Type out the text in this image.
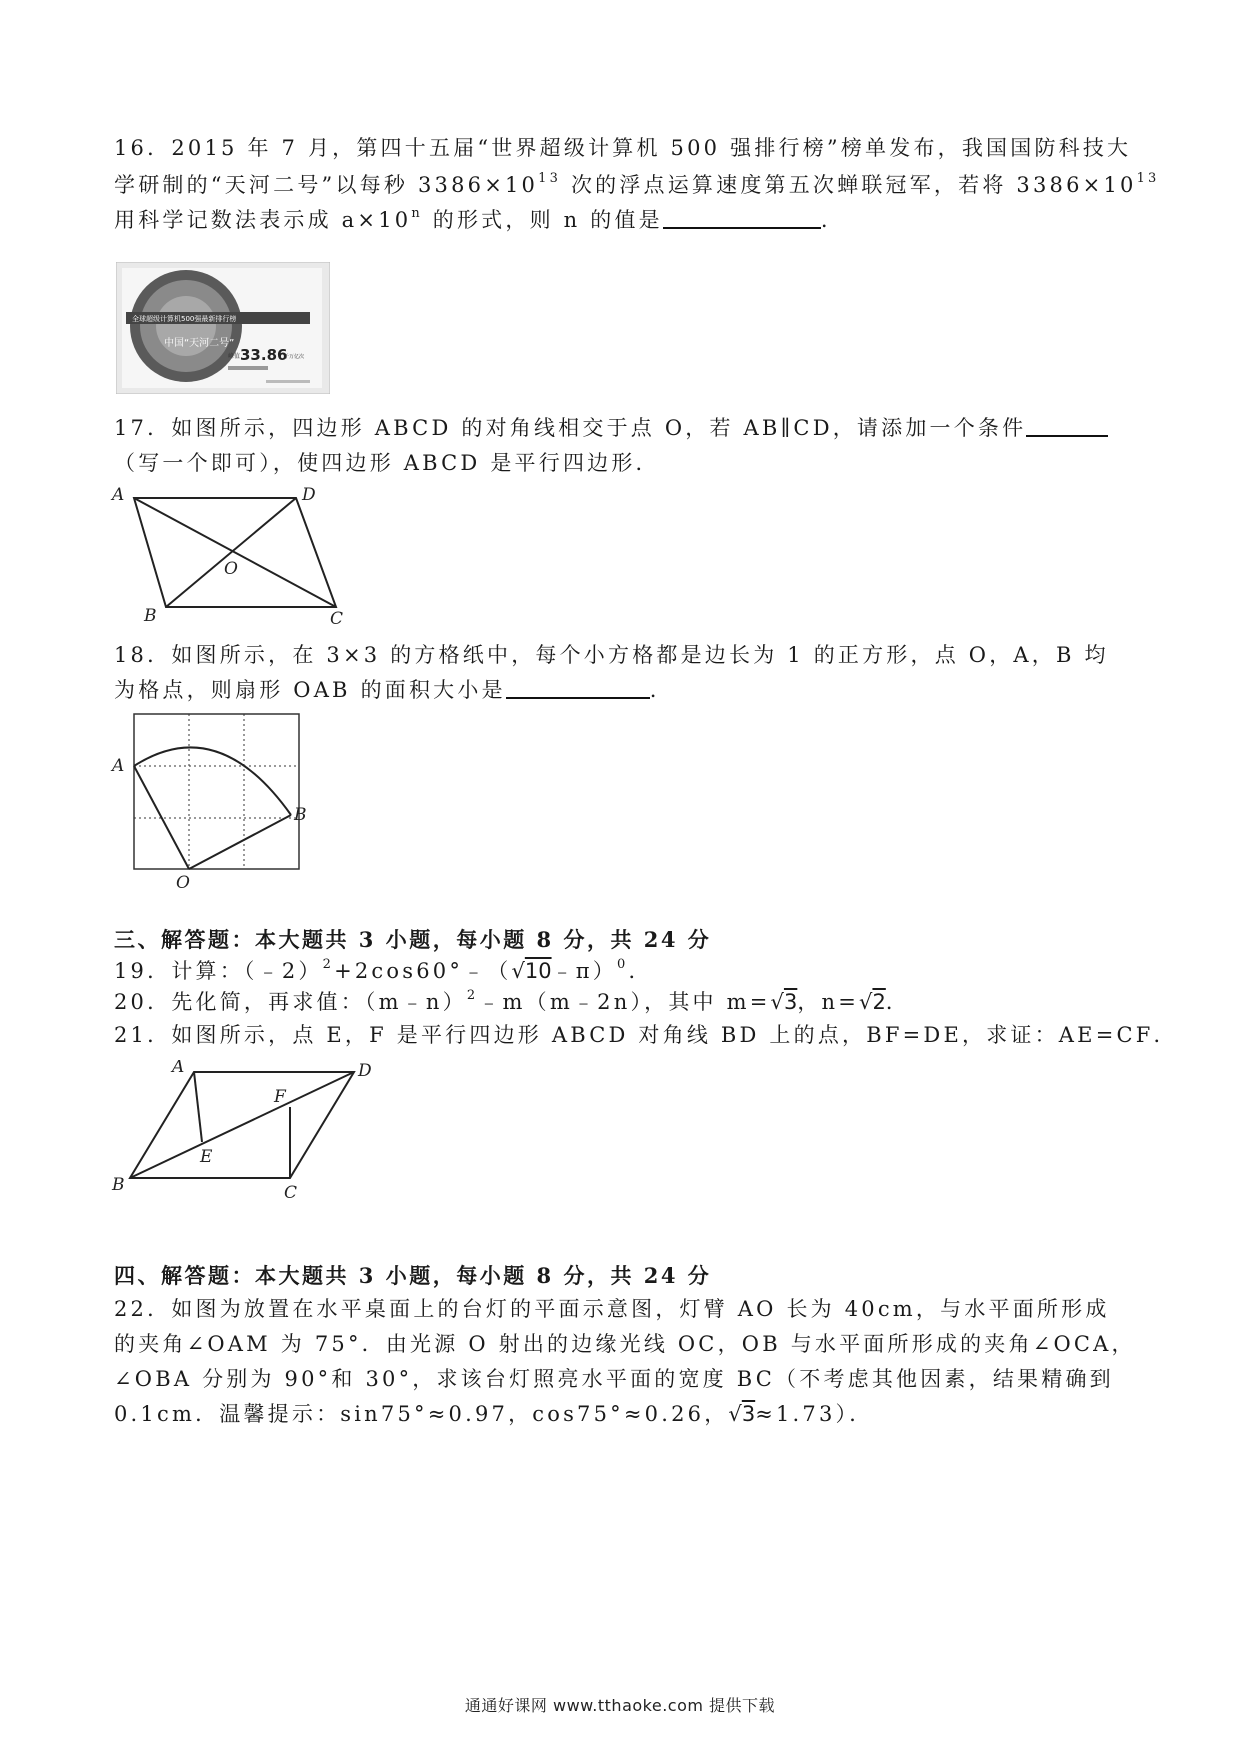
16．2015 年 7 月，第四十五届“世界超级计算机 500 强排行榜”榜单发布，我国国防科技大
学研制的“天河二号”以每秒 $3386\times 10^{13}$ 次的浮点运算速度第五次蝉联冠军，若将 $3386\times 10^{13}$
用科学记数法表示成 $a\times 10^n$ 的形式，则 n 的值是	.
全球超级计算机500强最新排行榜
中国“天河二号”
峰值 33.86
千万亿次
17．如图所示，四边形 ABCD 的对角线相交于点 O，若 AB∥CD，请添加一个条件
（写一个即可），使四边形 ABCD 是平行四边形．
A	D
B	C
O
18．如图所示，在 3×3 的方格纸中，每个小方格都是边长为 1 的正方形，点 O，A，B 均
为格点，则扇形 OAB 的面积大小是	.
A
B
O
三、解答题：本大题共 3 小题，每小题 8 分，共 24 分
19．计算：（﹣2）$^2$+2cos60°﹣（√10﹣π）$^0$．
20．先化简，再求值：（m﹣n）$^2$﹣m（m﹣2n），其中 m=√3，n=√2．
21．如图所示，点 E，F 是平行四边形 ABCD 对角线 BD 上的点，BF=DE，求证：AE=CF．
A	D
F
E
B	C
四、解答题：本大题共 3 小题，每小题 8 分，共 24 分
22．如图为放置在水平桌面上的台灯的平面示意图，灯臂 AO 长为 40cm，与水平面所形成
的夹角∠OAM 为 75°．由光源 O 射出的边缘光线 OC，OB 与水平面所形成的夹角∠OCA，
∠OBA 分别为 90°和 30°，求该台灯照亮水平面的宽度 BC（不考虑其他因素，结果精确到
0.1cm．温馨提示：sin75°≈0.97，cos75°≈0.26，√3≈1.73）．
通通好课网 www.tthaoke.com 提供下载
